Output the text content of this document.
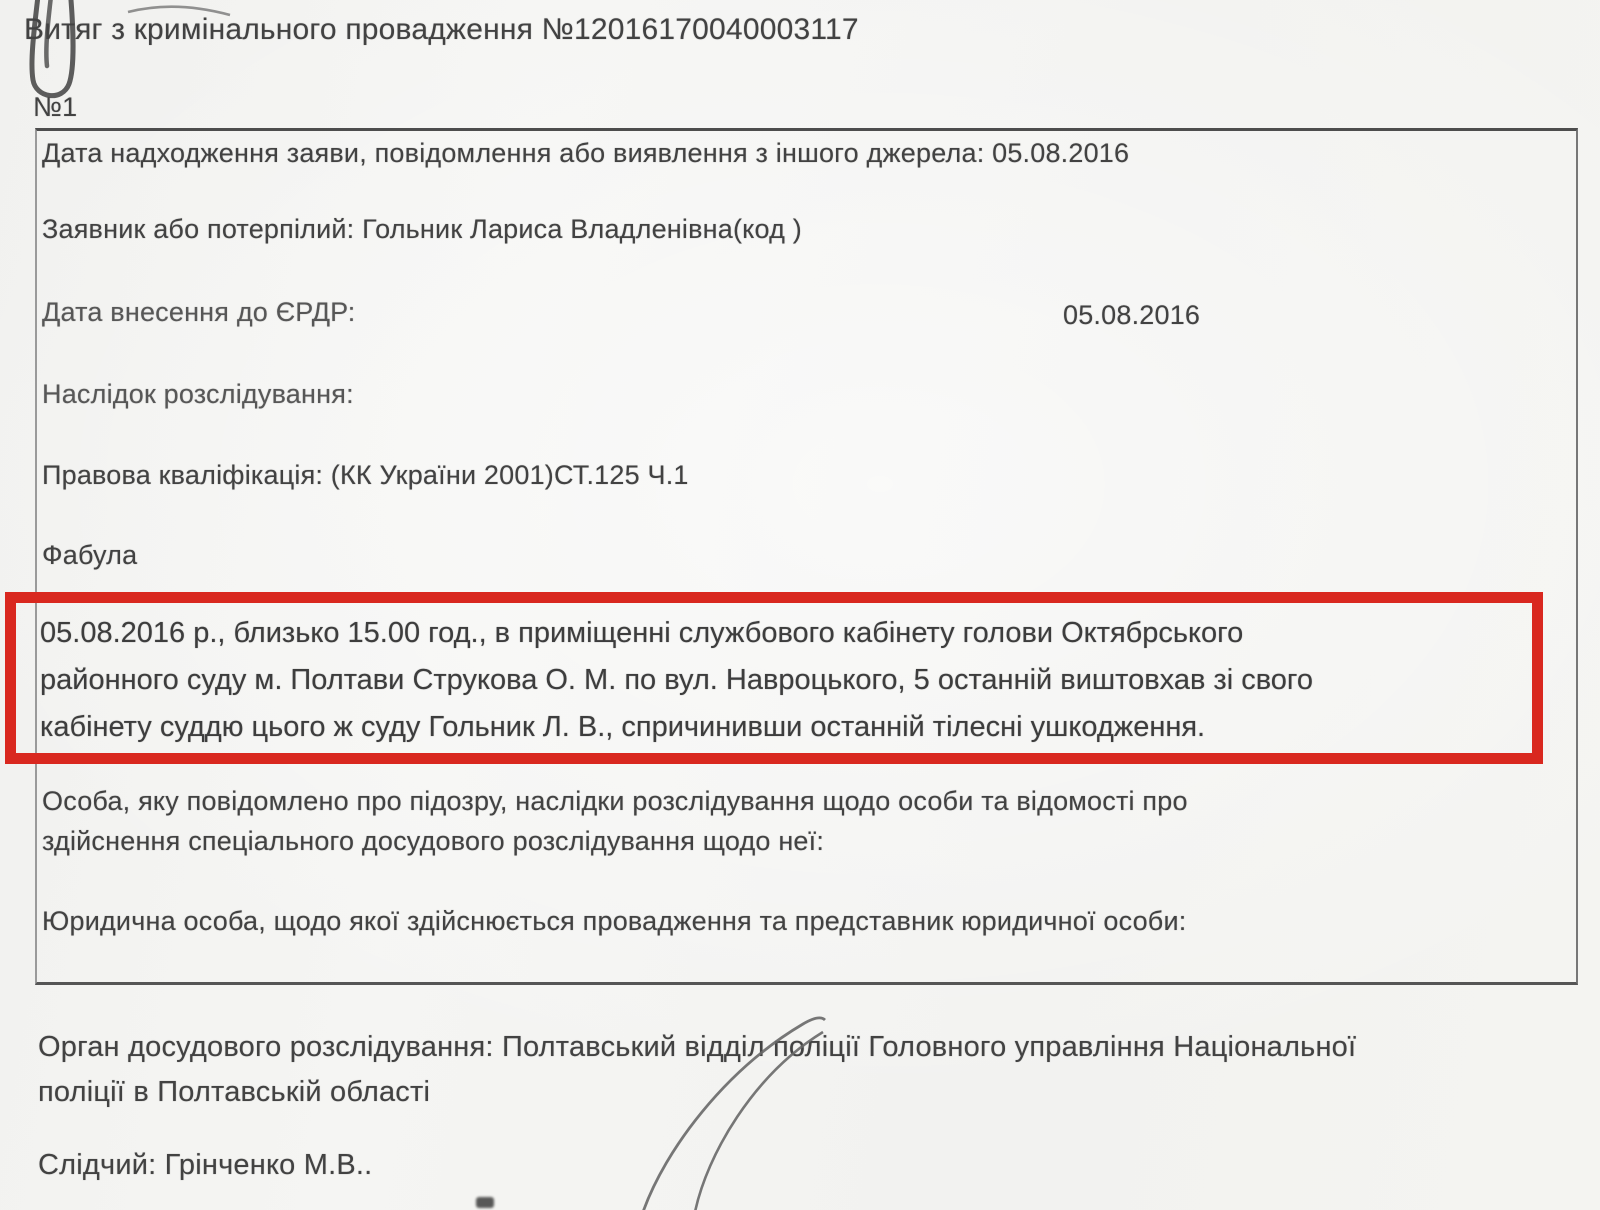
Витяг з кримінального провадження №12016170040003117
№1
Дата надходження заяви, повідомлення або виявлення з іншого джерела: 05.08.2016
Заявник або потерпілий: Гольник Лариса Владленівна(код )
Дата внесення до ЄРДР:	05.08.2016
Наслідок розслідування:
Правова кваліфікація: (КК України 2001)СТ.125 Ч.1
Фабула
05.08.2016 р., близько 15.00 год., в приміщенні службового кабінету голови Октябрського
районного суду м. Полтави Струкова О. М. по вул. Навроцького, 5 останній виштовхав зі свого
кабінету суддю цього ж суду Гольник Л. В., спричинивши останній тілесні ушкодження.
Особа, яку повідомлено про підозру, наслідки розслідування щодо особи та відомості про
здійснення спеціального досудового розслідування щодо неї:
Юридична особа, щодо якої здійснюється провадження та представник юридичної особи:
Орган досудового розслідування: Полтавський відділ поліції Головного управління Національної
поліції в Полтавській області
Слідчий: Грінченко М.В..
